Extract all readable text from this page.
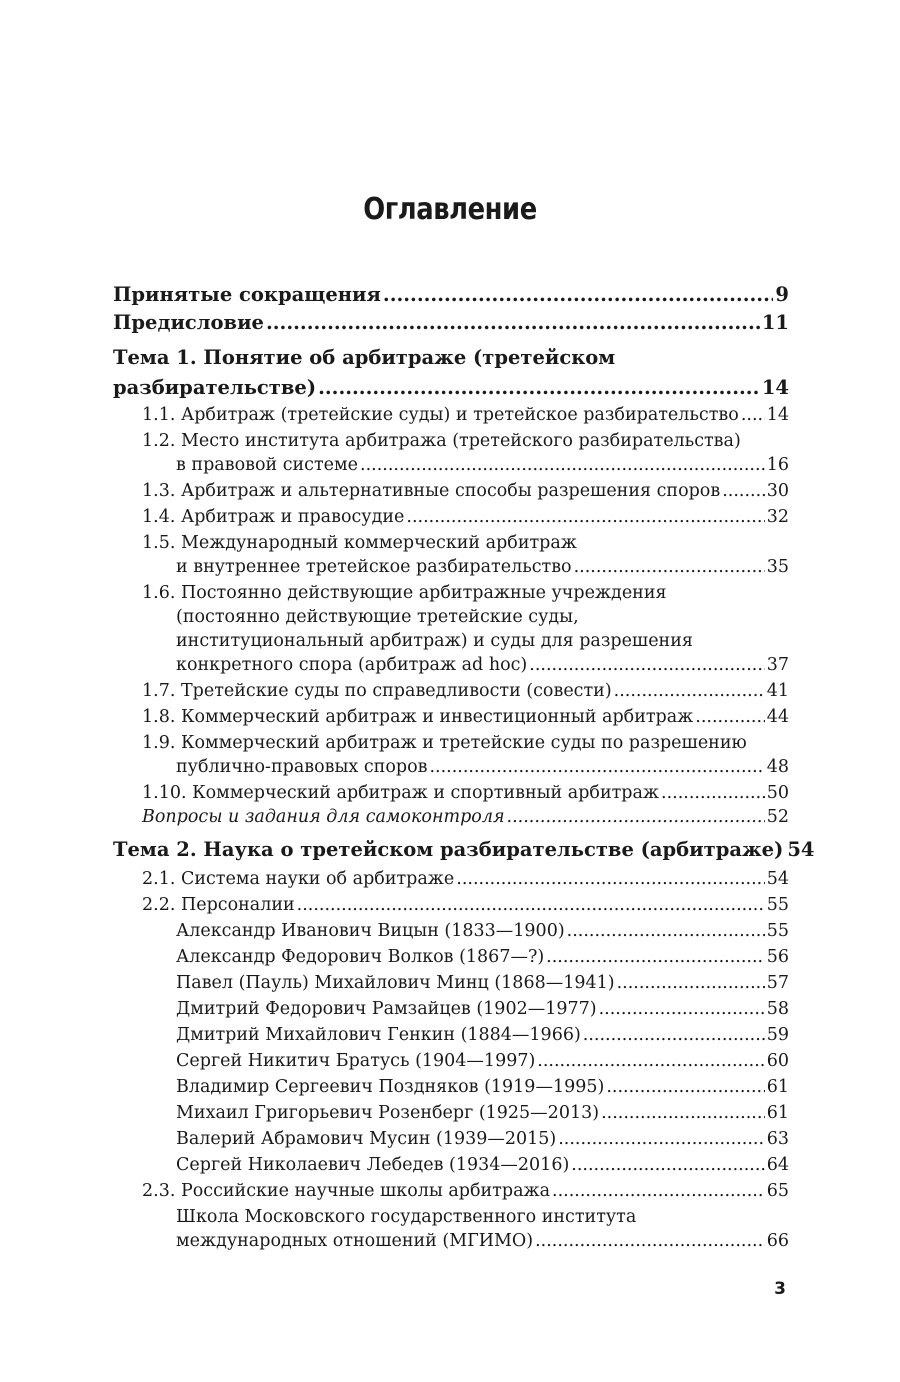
Оглавление
Принятые сокращения .....	9
Предисловие .....	11
Тема 1. Понятие об арбитраже (третейском
разбирательстве) .....	14
1.1. Арбитраж (третейские суды) и третейское разбирательство ..... 14
1.2. Место института арбитража (третейского разбирательства)
в правовой системе .....	16
1.3. Арбитраж и альтернативные способы разрешения споров .....	30
1.4. Арбитраж и правосудие .....	32
1.5. Международный коммерческий арбитраж
и внутреннее третейское разбирательство .....	35
1.6. Постоянно действующие арбитражные учреждения
(постоянно действующие третейские суды,
институциональный арбитраж) и суды для разрешения
конкретного спора (арбитраж ad hoc) .....	37
1.7. Третейские суды по справедливости (совести) .....	41
1.8. Коммерческий арбитраж и инвестиционный арбитраж .....	44
1.9. Коммерческий арбитраж и третейские суды по разрешению
публично-правовых споров .....	48
1.10. Коммерческий арбитраж и спортивный арбитраж .....	50
Вопросы и задания для самоконтроля .....	52
Тема 2. Наука о третейском разбирательстве (арбитраже) 54
2.1. Система науки об арбитраже .....	54
2.2. Персоналии .....	55
Александр Иванович Вицын (1833—1900) .....	55
Александр Федорович Волков (1867—?) .....	56
Павел (Пауль) Михайлович Минц (1868—1941) .....	57
Дмитрий Федорович Рамзайцев (1902—1977) .....	58
Дмитрий Михайлович Генкин (1884—1966) .....	59
Сергей Никитич Братусь (1904—1997) .....	60
Владимир Сергеевич Поздняков (1919—1995) .....	61
Михаил Григорьевич Розенберг (1925—2013) .....	61
Валерий Абрамович Мусин (1939—2015) .....	63
Сергей Николаевич Лебедев (1934—2016) .....	64
2.3. Российские научные школы арбитража .....	65
Школа Московского государственного института
международных отношений (МГИМО) .....	66
3
